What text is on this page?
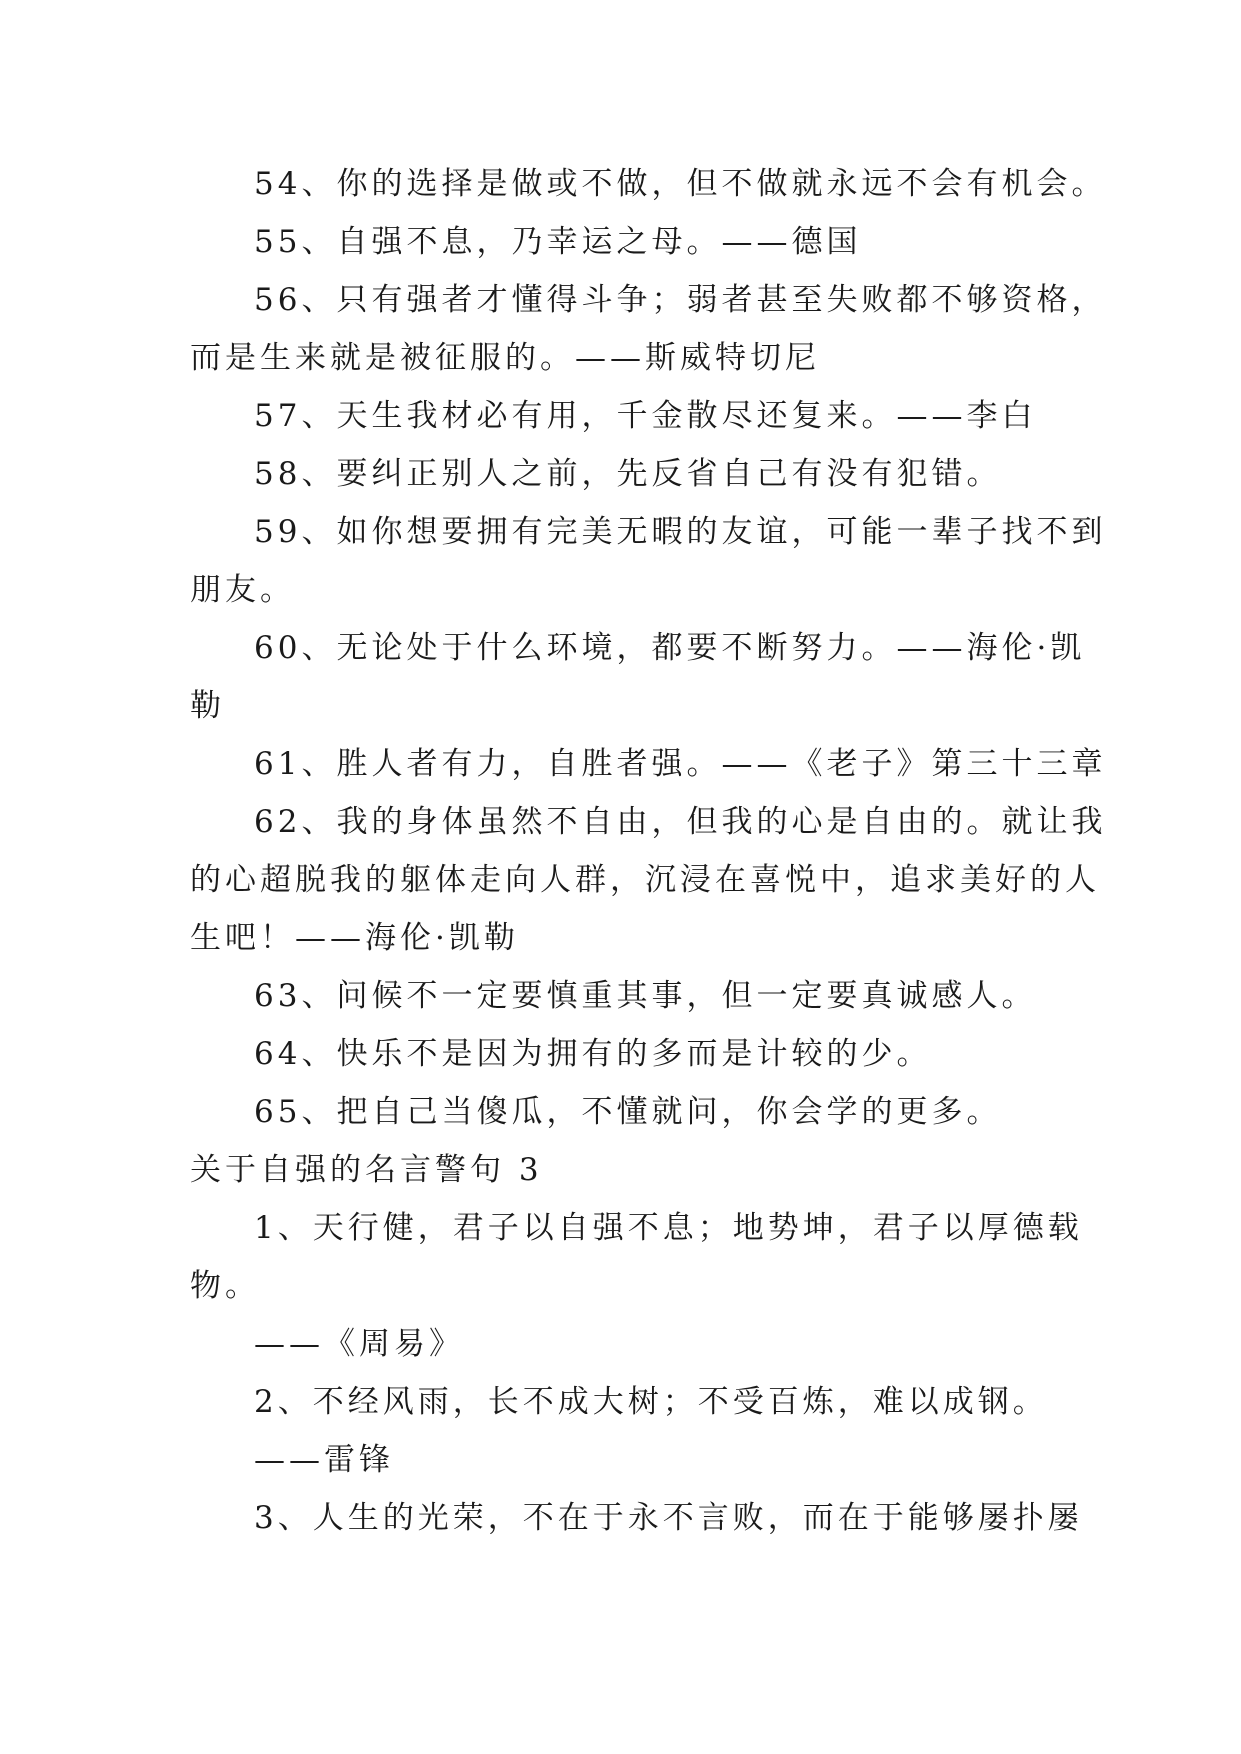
54、你的选择是做或不做，但不做就永远不会有机会。

55、自强不息，乃幸运之母。——德国

56、只有强者才懂得斗争；弱者甚至失败都不够资格，

而是生来就是被征服的。——斯威特切尼

57、天生我材必有用，千金散尽还复来。——李白

58、要纠正别人之前，先反省自己有没有犯错。

59、如你想要拥有完美无暇的友谊，可能一辈子找不到

朋友。

60、无论处于什么环境，都要不断努力。——海伦·凯

勒

61、胜人者有力，自胜者强。——《老子》第三十三章

62、我的身体虽然不自由，但我的心是自由的。就让我

的心超脱我的躯体走向人群，沉浸在喜悦中，追求美好的人

生吧！——海伦·凯勒

63、问候不一定要慎重其事，但一定要真诚感人。

64、快乐不是因为拥有的多而是计较的少。

65、把自己当傻瓜，不懂就问，你会学的更多。

关于自强的名言警句 3

1、天行健，君子以自强不息；地势坤，君子以厚德载

物。

——《周易》

2、不经风雨，长不成大树；不受百炼，难以成钢。

——雷锋

3、人生的光荣，不在于永不言败，而在于能够屡扑屡
